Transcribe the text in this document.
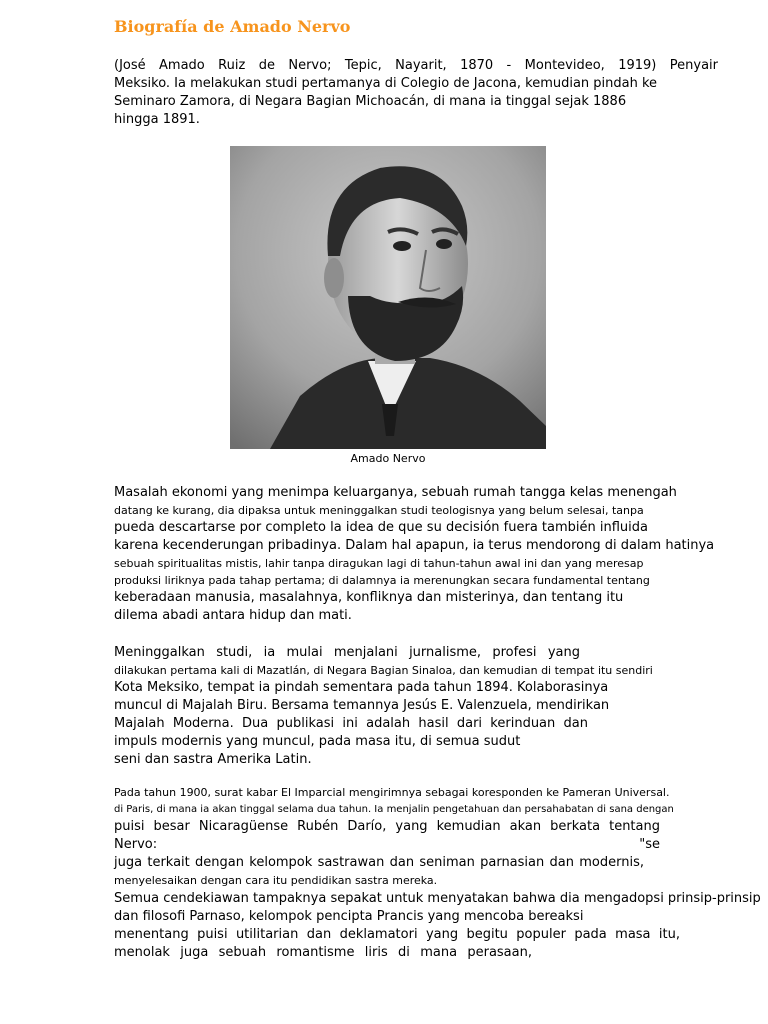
Biografía de Amado Nervo
(José Amado Ruiz de Nervo; Tepic, Nayarit, 1870 - Montevideo, 1919) Penyair
Meksiko. Ia melakukan studi pertamanya di Colegio de Jacona, kemudian pindah ke
Seminaro Zamora, di Negara Bagian Michoacán, di mana ia tinggal sejak 1886
hingga 1891.
Amado Nervo
Masalah ekonomi yang menimpa keluarganya, sebuah rumah tangga kelas menengah
datang ke kurang, dia dipaksa untuk meninggalkan studi teologisnya yang belum selesai, tanpa
pueda descartarse por completo la idea de que su decisión fuera también influida
karena kecenderungan pribadinya. Dalam hal apapun, ia terus mendorong di dalam hatinya
sebuah spiritualitas mistis, lahir tanpa diragukan lagi di tahun-tahun awal ini dan yang meresap
produksi liriknya pada tahap pertama; di dalamnya ia merenungkan secara fundamental tentang
keberadaan manusia, masalahnya, konfliknya dan misterinya, dan tentang itu
dilema abadi antara hidup dan mati.
Meninggalkan studi, ia mulai menjalani jurnalisme, profesi yang
dilakukan pertama kali di Mazatlán, di Negara Bagian Sinaloa, dan kemudian di tempat itu sendiri
Kota Meksiko, tempat ia pindah sementara pada tahun 1894. Kolaborasinya
muncul di Majalah Biru. Bersama temannya Jesús E. Valenzuela, mendirikan
Majalah Moderna. Dua publikasi ini adalah hasil dari kerinduan dan
impuls modernis yang muncul, pada masa itu, di semua sudut
seni dan sastra Amerika Latin.
Pada tahun 1900, surat kabar El Imparcial mengirimnya sebagai koresponden ke Pameran Universal.
di Paris, di mana ia akan tinggal selama dua tahun. Ia menjalin pengetahuan dan persahabatan di sana dengan
puisi besar Nicaragüense Rubén Darío, yang kemudian akan berkata tentang Nervo: "se
juga terkait dengan kelompok sastrawan dan seniman parnasian dan modernis,
menyelesaikan dengan cara itu pendidikan sastra mereka.
Semua cendekiawan tampaknya sepakat untuk menyatakan bahwa dia mengadopsi prinsip-prinsip
dan filosofi Parnaso, kelompok pencipta Prancis yang mencoba bereaksi
menentang puisi utilitarian dan deklamatori yang begitu populer pada masa itu,
menolak juga sebuah romantisme liris di mana perasaan,
